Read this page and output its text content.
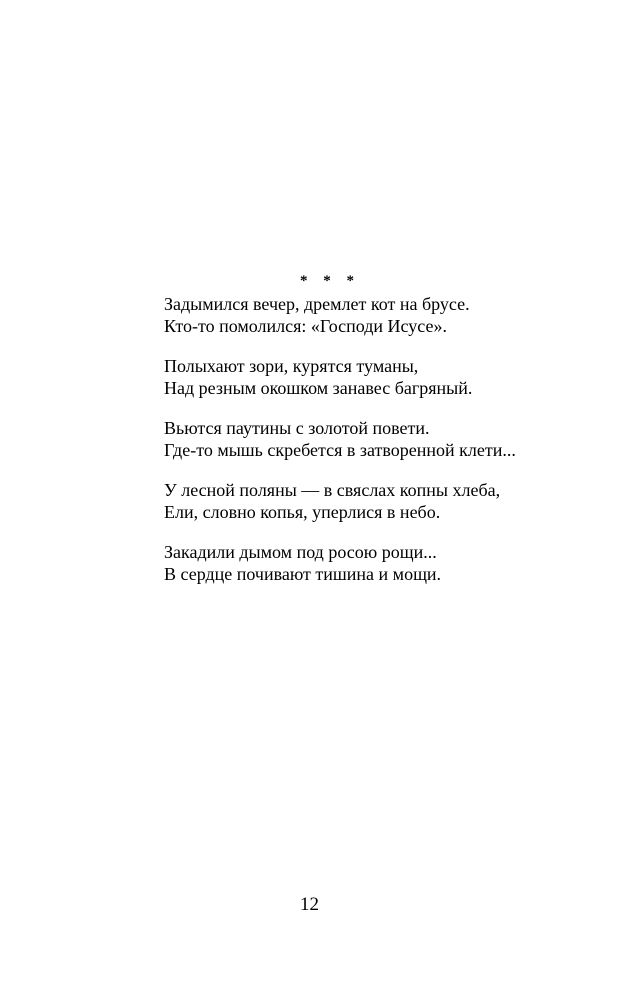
* * *
Задымился вечер, дремлет кот на брусе.
Кто-то помолился: «Господи Исусе».
Полыхают зори, курятся туманы,
Над резным окошком занавес багряный.
Вьются паутины с золотой повети.
Где-то мышь скребется в затворенной клети...
У лесной поляны — в свяслах копны хлеба,
Ели, словно копья, уперлися в небо.
Закадили дымом под росою рощи...
В сердце почивают тишина и мощи.
12
